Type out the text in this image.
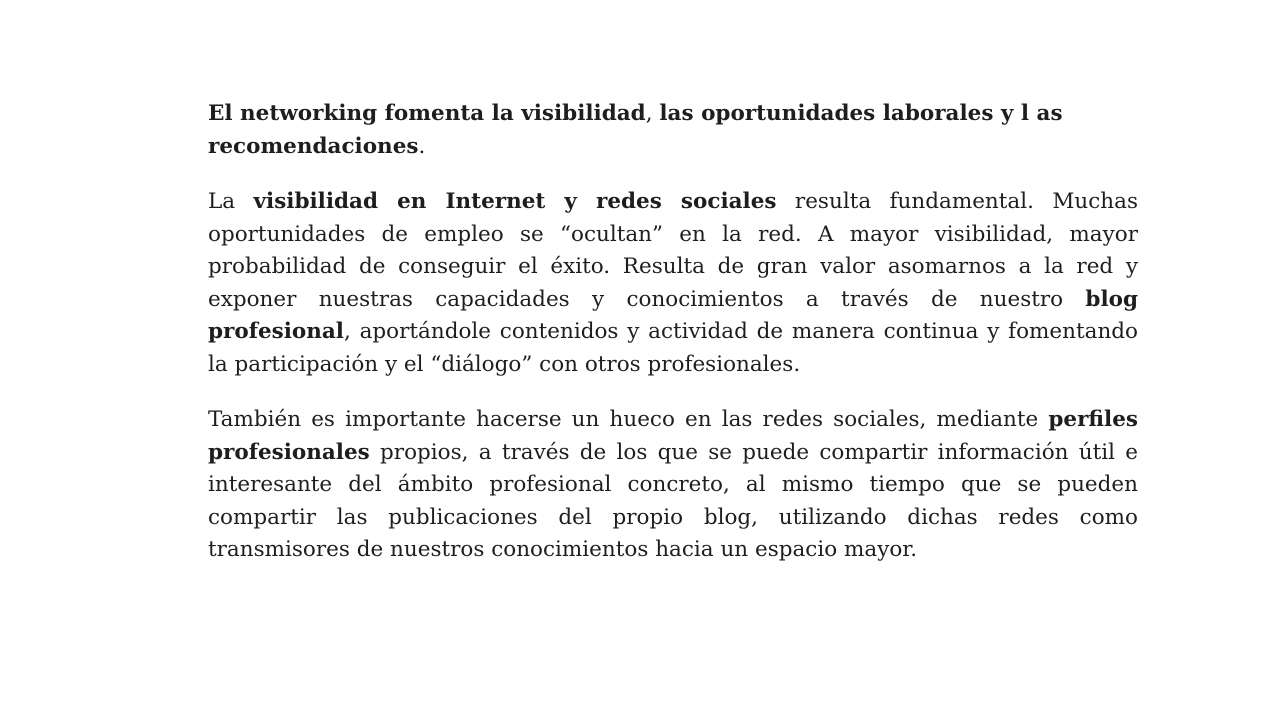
El networking fomenta la visibilidad, las oportunidades laborales y l as recomendaciones.

La visibilidad en Internet y redes sociales resulta fundamental. Muchas oportunidades de empleo se “ocultan” en la red. A mayor visibilidad, mayor probabilidad de conseguir el éxito. Resulta de gran valor asomarnos a la red y exponer nuestras capacidades y conocimientos a través de nuestro blog profesional, aportándole contenidos y actividad de manera continua y fomentando la participación y el “diálogo” con otros profesionales.

También es importante hacerse un hueco en las redes sociales, mediante perfiles profesionales propios, a través de los que se puede compartir información útil e interesante del ámbito profesional concreto, al mismo tiempo que se pueden compartir las publicaciones del propio blog, utilizando dichas redes como transmisores de nuestros conocimientos hacia un espacio mayor.
